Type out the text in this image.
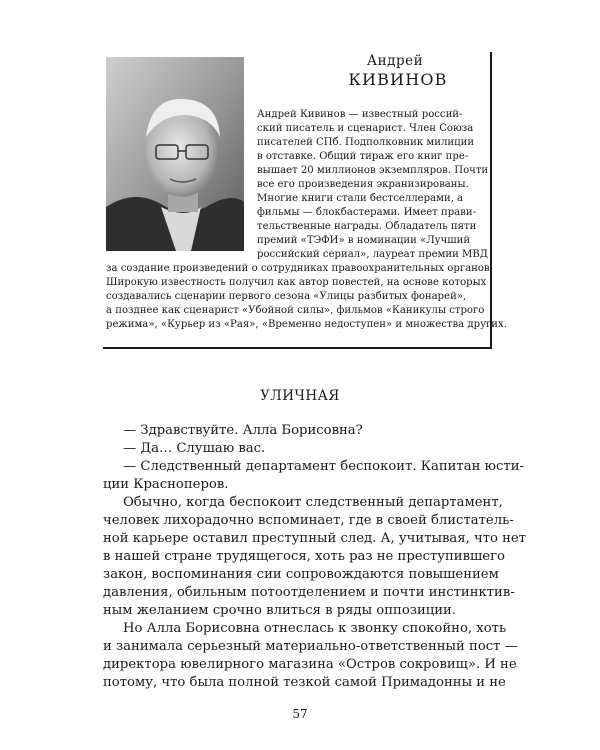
Андрей
КИВИНОВ
Андрей Кивинов — известный россий-
ский писатель и сценарист. Член Союза
писателей СПб. Подполковник милиции
в отставке. Общий тираж его книг пре-
вышает 20 миллионов экземпляров. Почти
все его произведения экранизированы.
Многие книги стали бестселлерами, а
фильмы — блокбастерами. Имеет прави-
тельственные награды. Обладатель пяти
премий «ТЭФИ» в номинации «Лучший
российский сериал», лауреат премии МВД
за создание произведений о сотрудниках правоохранительных органов.
Широкую известность получил как автор повестей, на основе которых
создавались сценарии первого сезона «Улицы разбитых фонарей»,
а позднее как сценарист «Убойной силы», фильмов «Каникулы строго
режима», «Курьер из «Рая», «Временно недоступен» и множества других.
УЛИЧНАЯ
— Здравствуйте. Алла Борисовна?
— Да… Слушаю вас.
— Следственный департамент беспокоит. Капитан юсти-
ции Красноперов.
Обычно, когда беспокоит следственный департамент,
человек лихорадочно вспоминает, где в своей блистатель-
ной карьере оставил преступный след. А, учитывая, что нет
в нашей стране трудящегося, хоть раз не преступившего
закон, воспоминания сии сопровождаются повышением
давления, обильным потоотделением и почти инстинктив-
ным желанием срочно влиться в ряды оппозиции.
Но Алла Борисовна отнеслась к звонку спокойно, хоть
и занимала серьезный материально-ответственный пост —
директора ювелирного магазина «Остров сокровищ». И не
потому, что была полной тезкой самой Примадонны и не
57
